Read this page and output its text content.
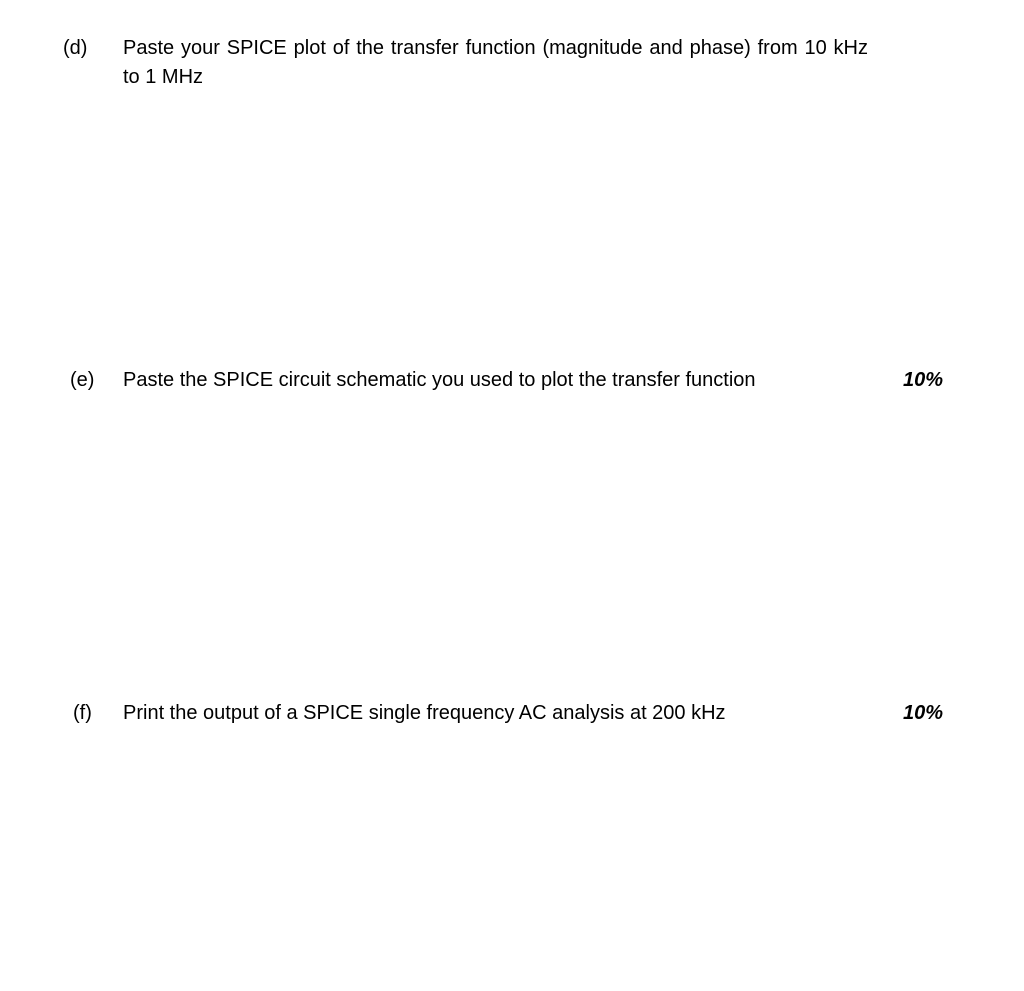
(d) Paste your SPICE plot of the transfer function (magnitude and phase) from 10 kHz to 1 MHz
(e) Paste the SPICE circuit schematic you used to plot the transfer function	10%
(f) Print the output of a SPICE single frequency AC analysis at 200 kHz	10%
